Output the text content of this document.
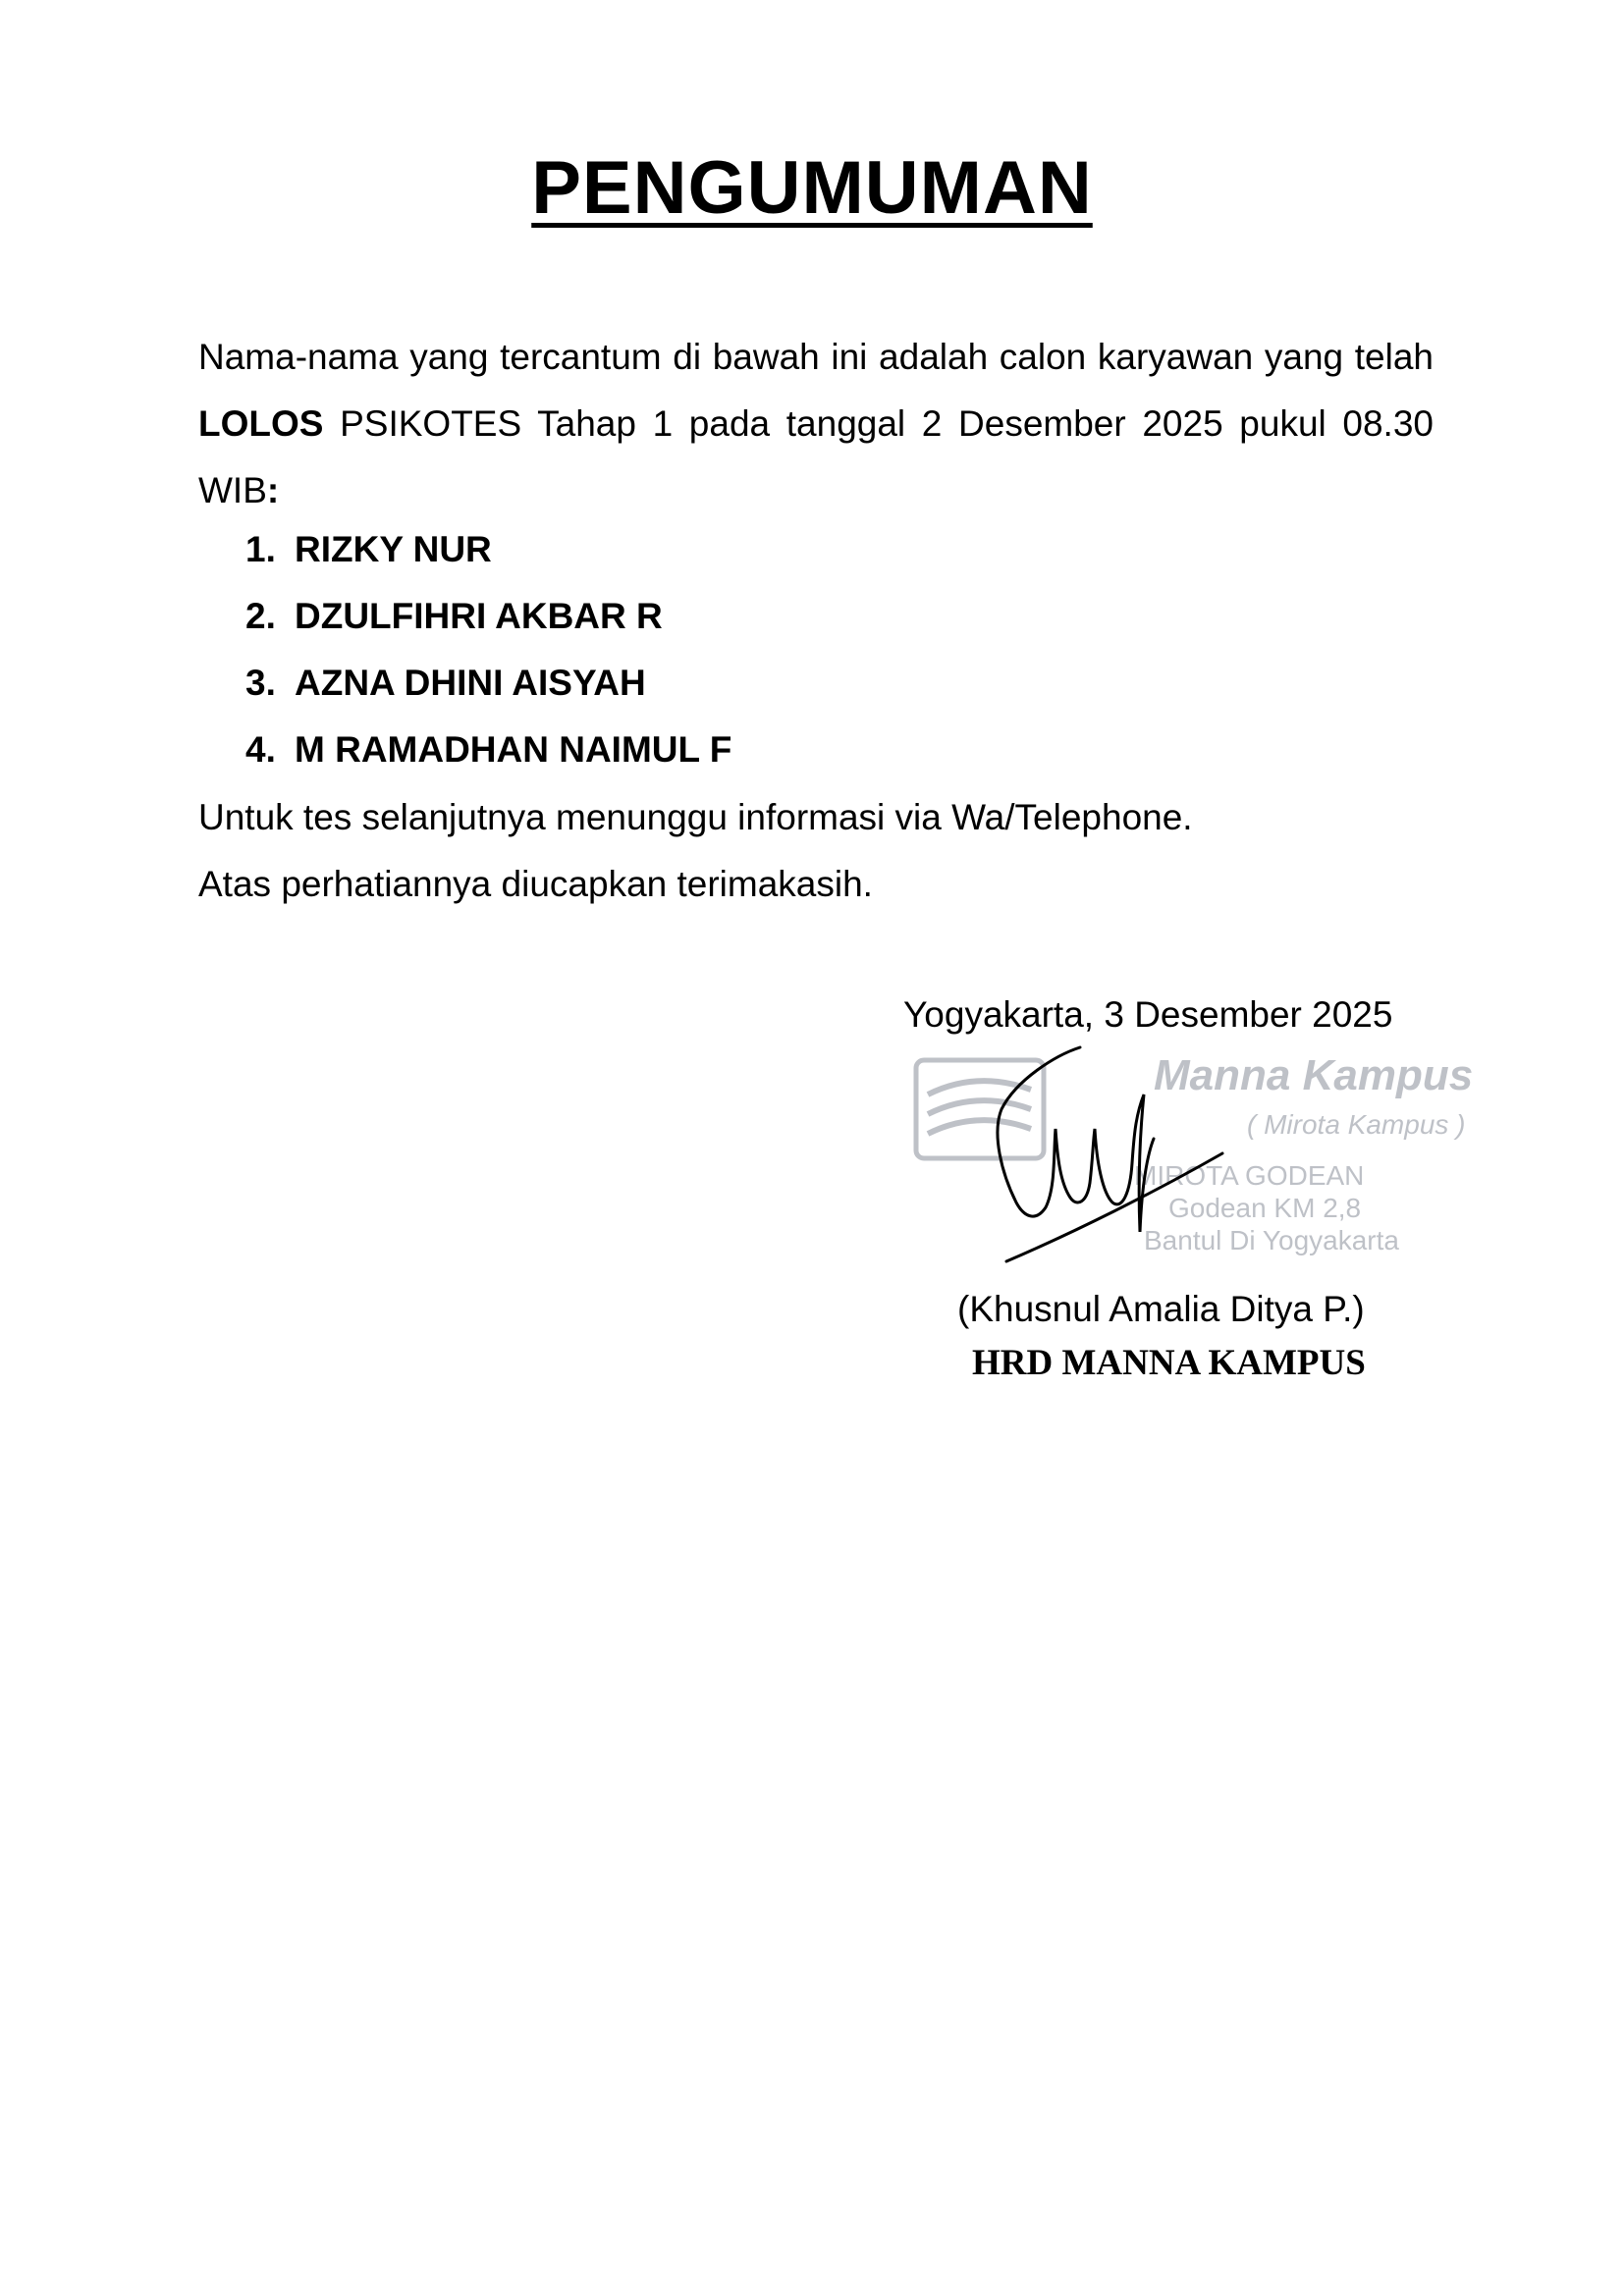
PENGUMUMAN
Nama-nama yang tercantum di bawah ini adalah calon karyawan yang telah LOLOS PSIKOTES Tahap 1 pada tanggal 2 Desember 2025 pukul 08.30 WIB:
1. RIZKY NUR
2. DZULFIHRI AKBAR R
3. AZNA DHINI AISYAH
4. M RAMADHAN NAIMUL F
Untuk tes selanjutnya menunggu informasi via Wa/Telephone.
Atas perhatiannya diucapkan terimakasih.
Yogyakarta, 3 Desember 2025
Manna Kampus
( Mirota Kampus )
MIROTA GODEAN
Godean KM 2,8
Bantul Di Yogyakarta
(Khusnul Amalia Ditya P.)
HRD MANNA KAMPUS
